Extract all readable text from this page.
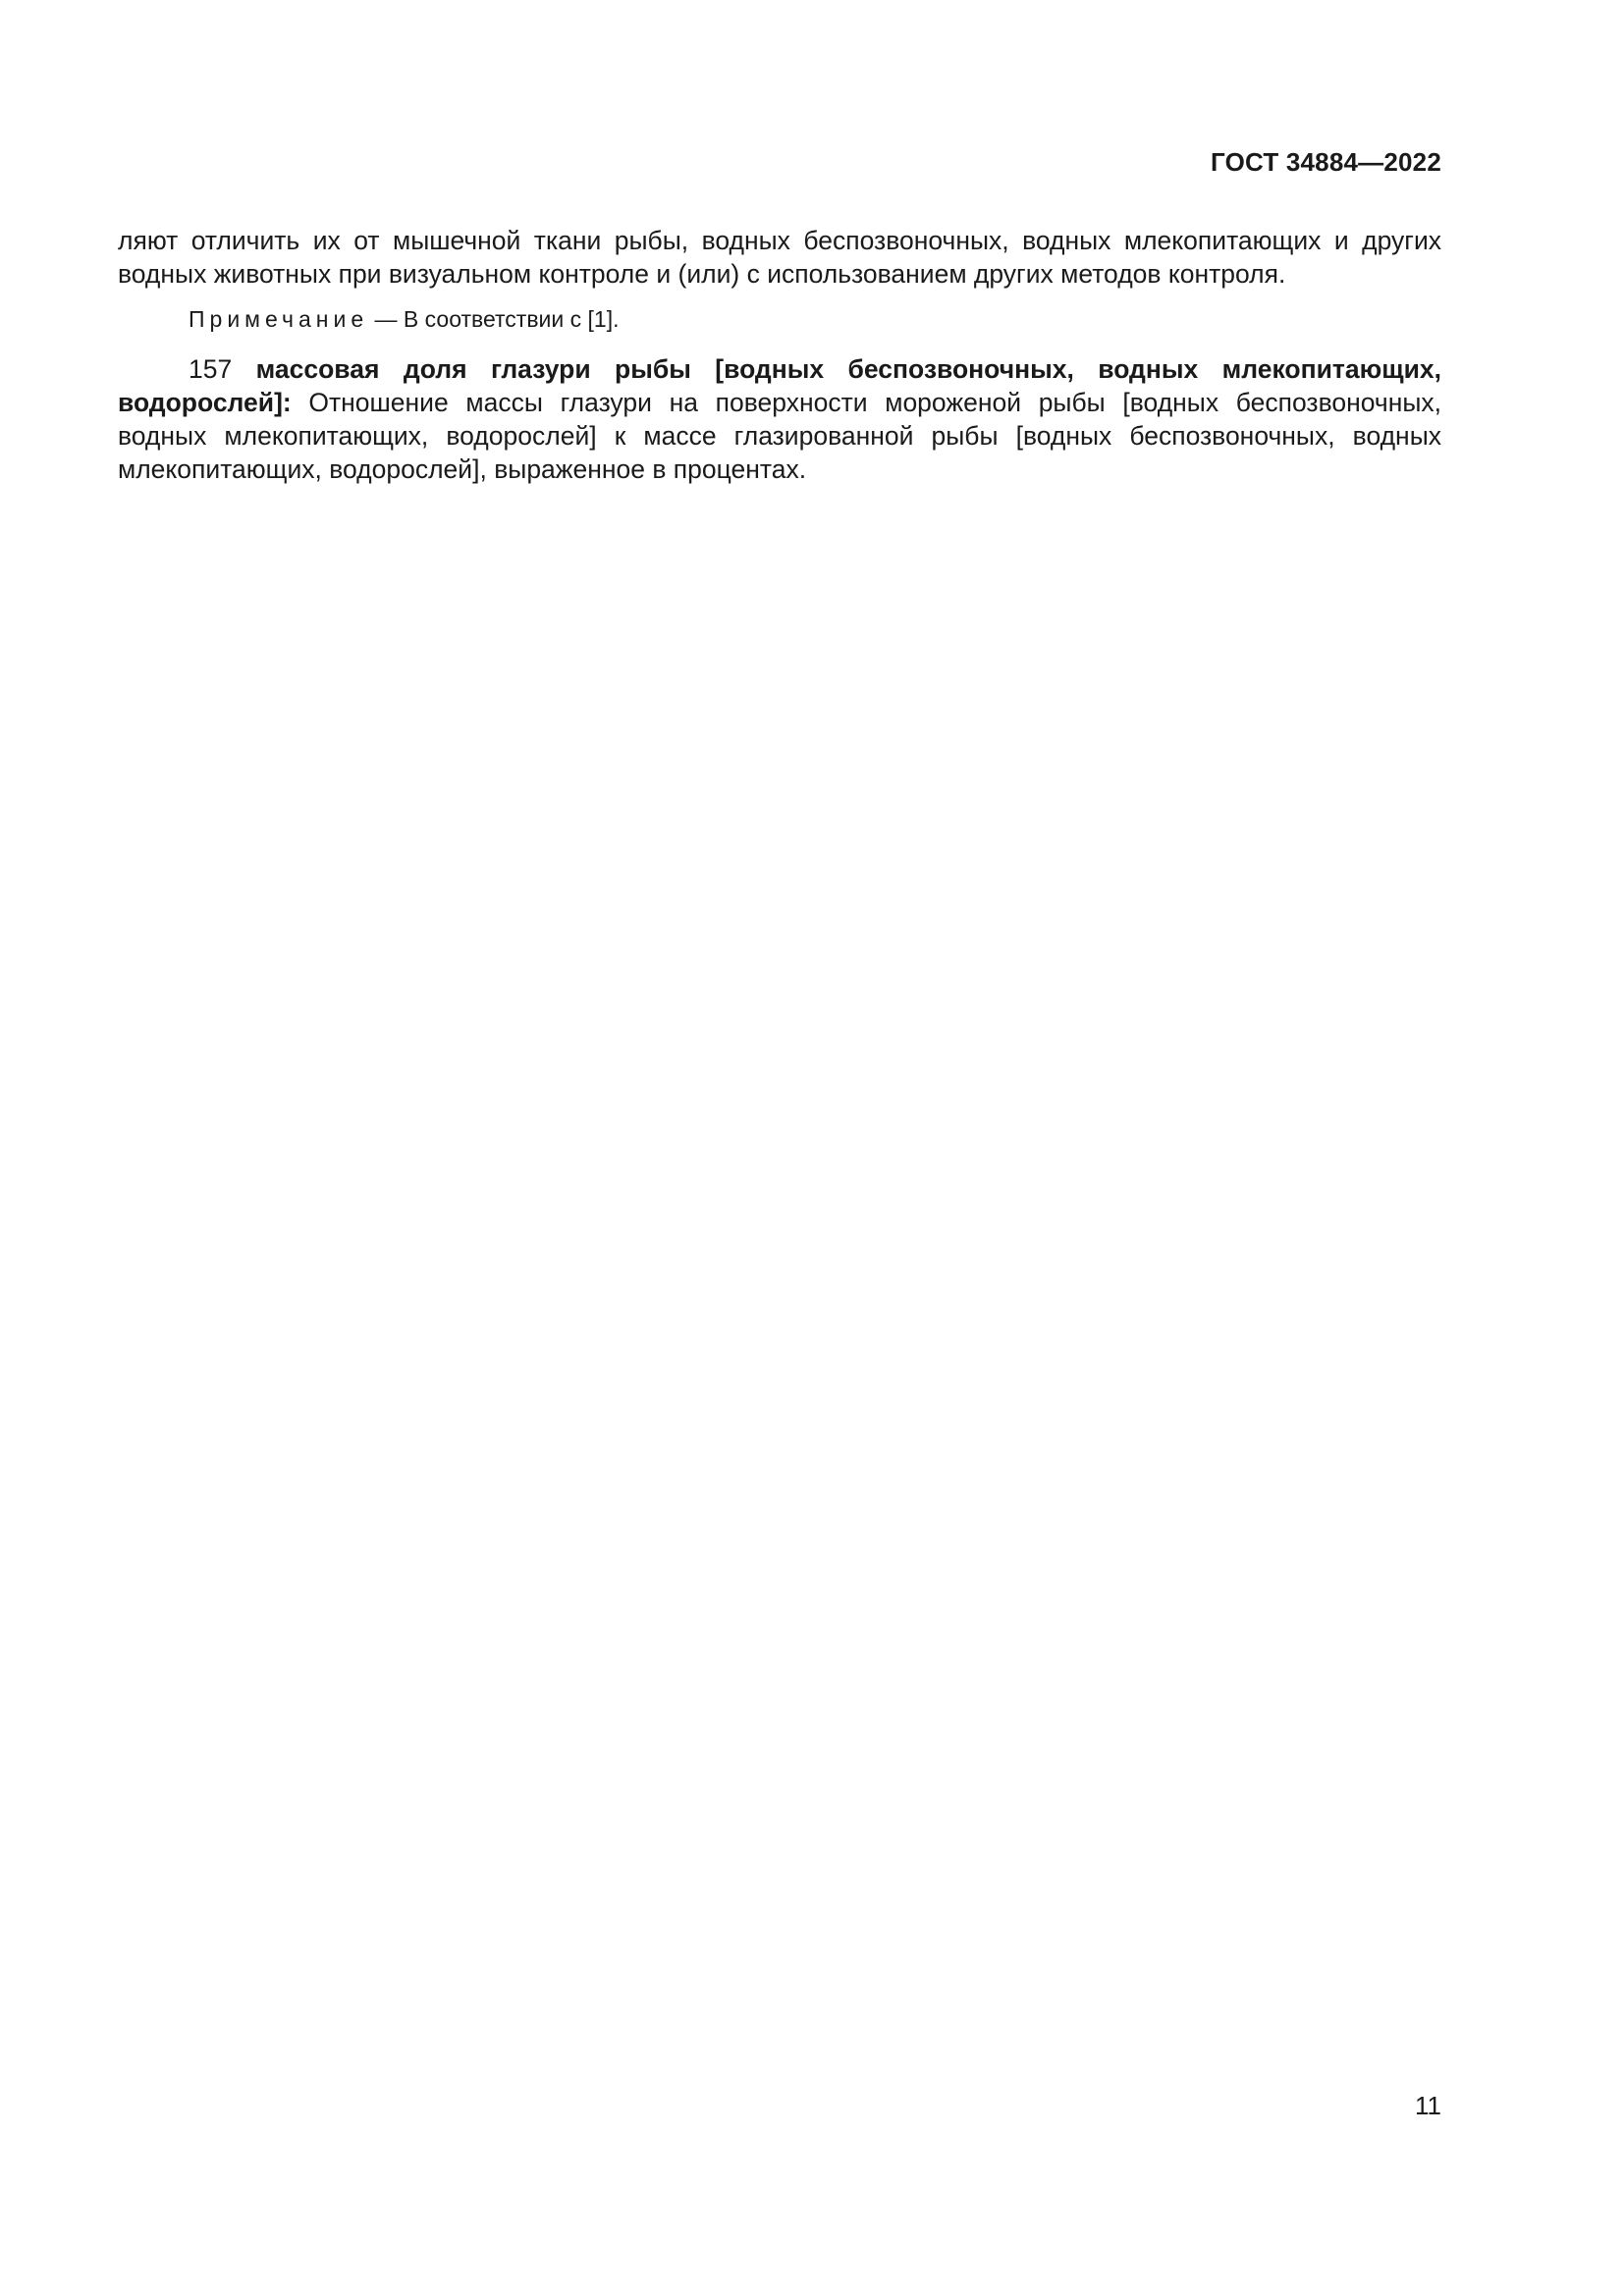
ГОСТ 34884—2022

ляют отличить их от мышечной ткани рыбы, водных беспозвоночных, водных млекопитающих и других водных животных при визуальном контроле и (или) с использованием других методов контроля.

Примечание — В соответствии с [1].

157 массовая доля глазури рыбы [водных беспозвоночных, водных млекопитающих, водорослей]: Отношение массы глазури на поверхности мороженой рыбы [водных беспозвоночных, водных млекопитающих, водорослей] к массе глазированной рыбы [водных беспозвоночных, водных млекопитающих, водорослей], выраженное в процентах.

11
